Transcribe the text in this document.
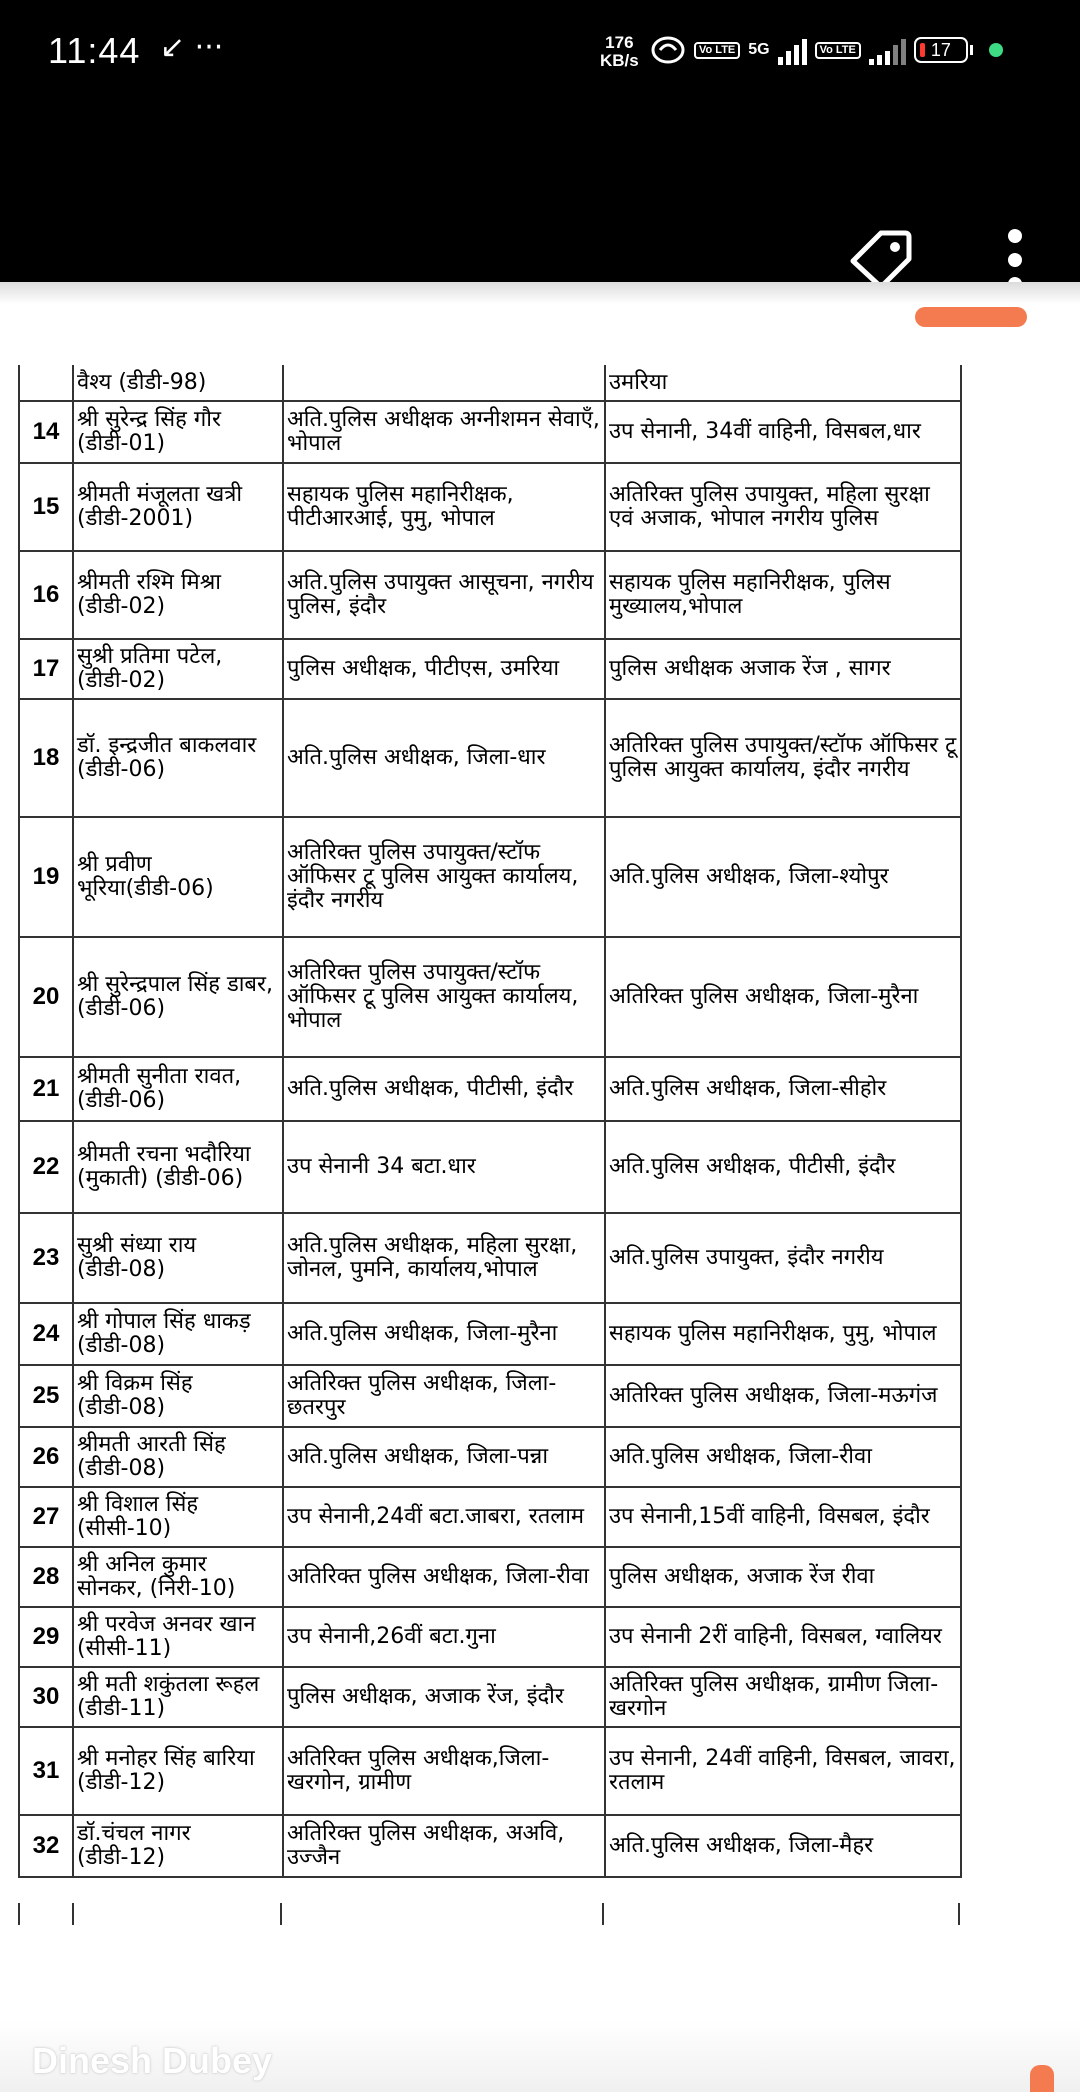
11:44 ↙ ···	176
KB/s
Vo LTE 5G	Vo LTE	17
	वैश्य (डीडी-98)		उमरिया
14	श्री सुरेन्द्र सिंह गौर (डीडी-01)	अति.पुलिस अधीक्षक अग्नीशमन सेवाएँ, भोपाल	उप सेनानी, 34वीं वाहिनी, विसबल,धार
15	श्रीमती मंजूलता खत्री (डीडी-2001)	सहायक पुलिस महानिरीक्षक, पीटीआरआई, पुमु, भोपाल	अतिरिक्त पुलिस उपायुक्त, महिला सुरक्षा एवं अजाक, भोपाल नगरीय पुलिस
16	श्रीमती रश्मि मिश्रा (डीडी-02)	अति.पुलिस उपायुक्त आसूचना, नगरीय पुलिस, इंदौर	सहायक पुलिस महानिरीक्षक, पुलिस मुख्यालय,भोपाल
17	सुश्री प्रतिमा पटेल, (डीडी-02)	पुलिस अधीक्षक, पीटीएस, उमरिया	पुलिस अधीक्षक अजाक रेंज , सागर
18	डॉ. इन्द्रजीत बाकलवार (डीडी-06)	अति.पुलिस अधीक्षक, जिला-धार	अतिरिक्त पुलिस उपायुक्त/स्टॉफ ऑफिसर टू पुलिस आयुक्त कार्यालय, इंदौर नगरीय
19	श्री प्रवीण भूरिया(डीडी-06)	अतिरिक्त पुलिस उपायुक्त/स्टॉफ ऑफिसर टू पुलिस आयुक्त कार्यालय, इंदौर नगरीय	अति.पुलिस अधीक्षक, जिला-श्योपुर
20	श्री सुरेन्द्रपाल सिंह डाबर, (डीडी-06)	अतिरिक्त पुलिस उपायुक्त/स्टॉफ ऑफिसर टू पुलिस आयुक्त कार्यालय, भोपाल	अतिरिक्त पुलिस अधीक्षक, जिला-मुरैना
21	श्रीमती सुनीता रावत, (डीडी-06)	अति.पुलिस अधीक्षक, पीटीसी, इंदौर	अति.पुलिस अधीक्षक, जिला-सीहोर
22	श्रीमती रचना भदौरिया (मुकाती) (डीडी-06)	उप सेनानी 34 बटा.धार	अति.पुलिस अधीक्षक, पीटीसी, इंदौर
23	सुश्री संध्या राय (डीडी-08)	अति.पुलिस अधीक्षक, महिला सुरक्षा, जोनल, पुमनि, कार्यालय,भोपाल	अति.पुलिस उपायुक्त, इंदौर नगरीय
24	श्री गोपाल सिंह धाकड़ (डीडी-08)	अति.पुलिस अधीक्षक, जिला-मुरैना	सहायक पुलिस महानिरीक्षक, पुमु, भोपाल
25	श्री विक्रम सिंह (डीडी-08)	अतिरिक्त पुलिस अधीक्षक, जिला-छतरपुर	अतिरिक्त पुलिस अधीक्षक, जिला-मऊगंज
26	श्रीमती आरती सिंह (डीडी-08)	अति.पुलिस अधीक्षक, जिला-पन्ना	अति.पुलिस अधीक्षक, जिला-रीवा
27	श्री विशाल सिंह (सीसी-10)	उप सेनानी,24वीं बटा.जाबरा, रतलाम	उप सेनानी,15वीं वाहिनी, विसबल, इंदौर
28	श्री अनिल कुमार सोनकर, (निरी-10)	अतिरिक्त पुलिस अधीक्षक, जिला-रीवा	पुलिस अधीक्षक, अजाक रेंज रीवा
29	श्री परवेज अनवर खान (सीसी-11)	उप सेनानी,26वीं बटा.गुना	उप सेनानी 2रीं वाहिनी, विसबल, ग्वालियर
30	श्री मती शकुंतला रूहल (डीडी-11)	पुलिस अधीक्षक, अजाक रेंज, इंदौर	अतिरिक्त पुलिस अधीक्षक, ग्रामीण जिला-खरगोन
31	श्री मनोहर सिंह बारिया (डीडी-12)	अतिरिक्त पुलिस अधीक्षक,जिला-खरगोन, ग्रामीण	उप सेनानी, 24वीं वाहिनी, विसबल, जावरा, रतलाम
32	डॉ.चंचल नागर (डीडी-12)	अतिरिक्त पुलिस अधीक्षक, अअवि, उज्जैन	अति.पुलिस अधीक्षक, जिला-मैहर
Dinesh Dubey
